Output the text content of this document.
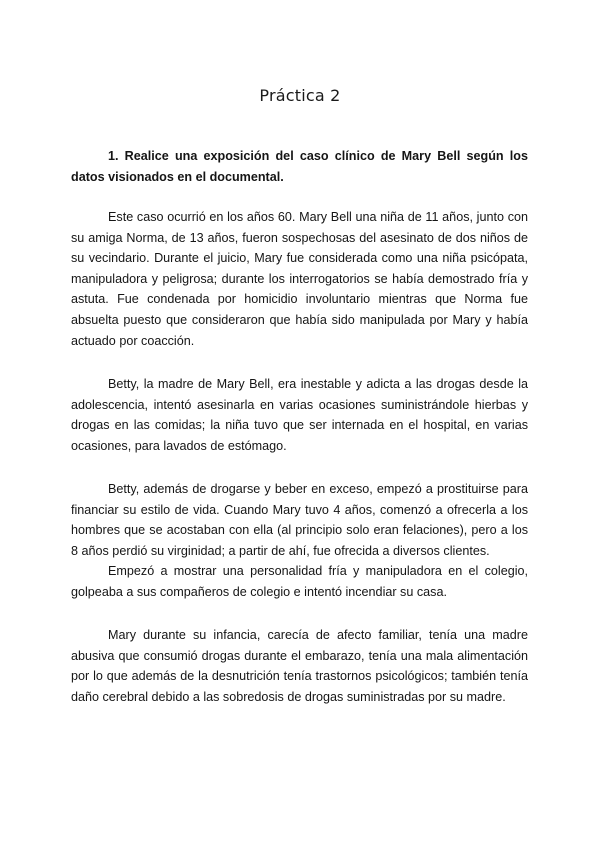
Práctica 2

1. Realice una exposición del caso clínico de Mary Bell según los datos visionados en el documental.

Este caso ocurrió en los años 60. Mary Bell una niña de 11 años, junto con su amiga Norma, de 13 años, fueron sospechosas del asesinato de dos niños de su vecindario. Durante el juicio, Mary fue considerada como una niña psicópata, manipuladora y peligrosa; durante los interrogatorios se había demostrado fría y astuta. Fue condenada por homicidio involuntario mientras que Norma fue absuelta puesto que consideraron que había sido manipulada por Mary y había actuado por coacción.

Betty, la madre de Mary Bell, era inestable y adicta a las drogas desde la adolescencia, intentó asesinarla en varias ocasiones suministrándole hierbas y drogas en las comidas; la niña tuvo que ser internada en el hospital, en varias ocasiones, para lavados de estómago.

Betty, además de drogarse y beber en exceso, empezó a prostituirse para financiar su estilo de vida. Cuando Mary tuvo 4 años, comenzó a ofrecerla a los hombres que se acostaban con ella (al principio solo eran felaciones), pero a los 8 años perdió su virginidad; a partir de ahí, fue ofrecida a diversos clientes.

Empezó a mostrar una personalidad fría y manipuladora en el colegio, golpeaba a sus compañeros de colegio e intentó incendiar su casa.

Mary durante su infancia, carecía de afecto familiar, tenía una madre abusiva que consumió drogas durante el embarazo, tenía una mala alimentación por lo que además de la desnutrición tenía trastornos psicológicos; también tenía daño cerebral debido a las sobredosis de drogas suministradas por su madre.
